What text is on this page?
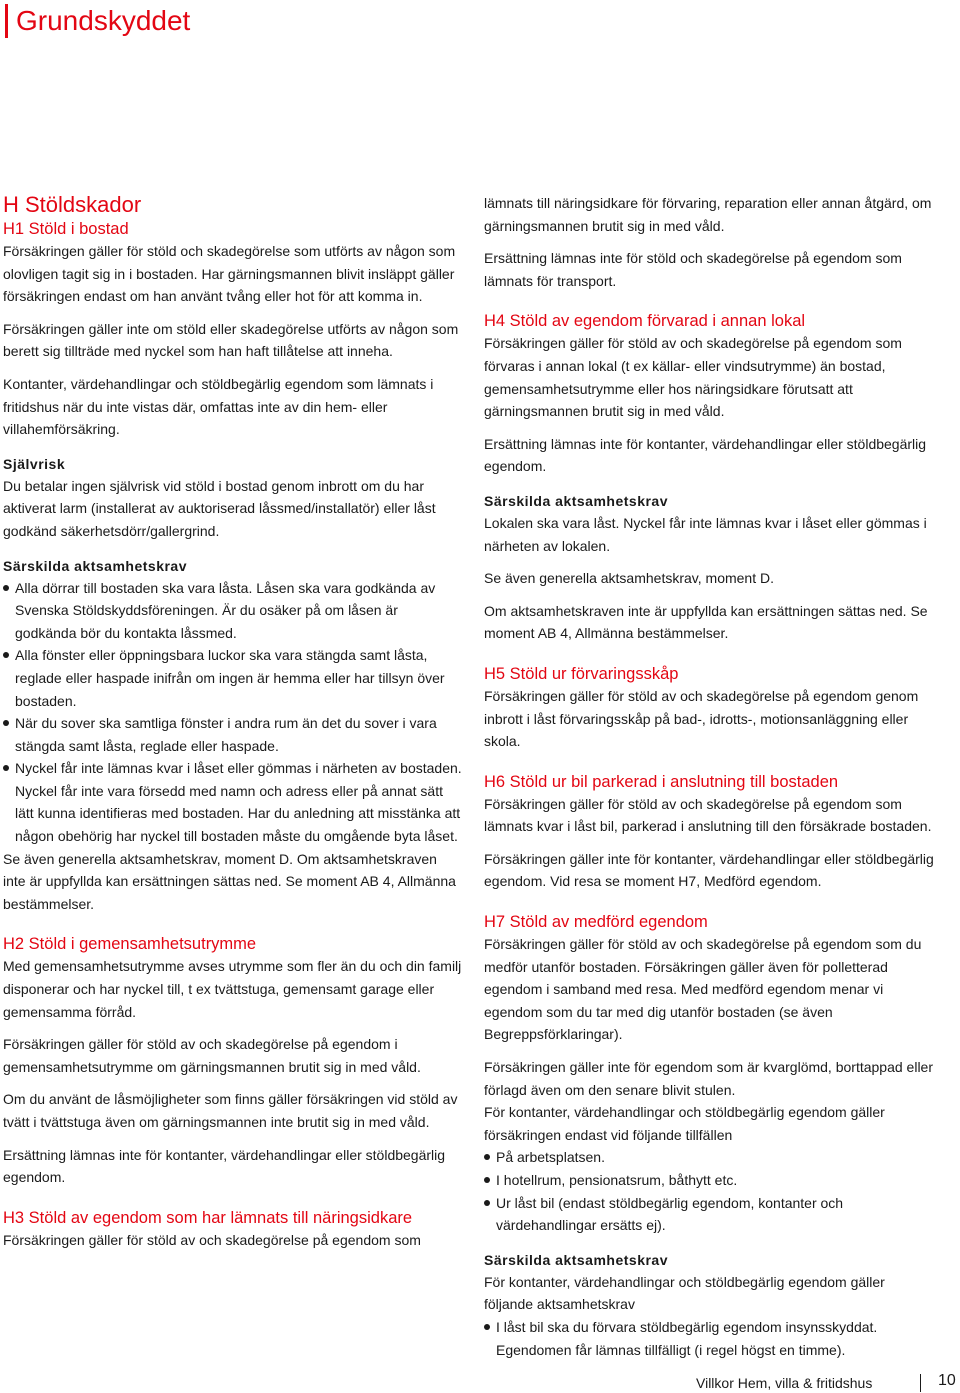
Grundskyddet
H Stöldskador
H1 Stöld i bostad

Försäkringen gäller för stöld och skadegörelse som utförts av någon som olovligen tagit sig in i bostaden. Har gärningsmannen blivit insläppt gäller försäkringen endast om han använt tvång eller hot för att komma in.

Försäkringen gäller inte om stöld eller skadegörelse utförts av någon som berett sig tillträde med nyckel som han haft tillåtelse att inneha.

Kontanter, värdehandlingar och stöldbegärlig egendom som lämnats i fritidshus när du inte vistas där, omfattas inte av din hem- eller villahemförsäkring.

Självrisk

Du betalar ingen självrisk vid stöld i bostad genom inbrott om du har aktiverat larm (installerat av auktoriserad låssmed/installatör) eller låst godkänd säkerhetsdörr/gallergrind.

Särskilda aktsamhetskrav
Alla dörrar till bostaden ska vara låsta. Låsen ska vara godkända av Svenska Stöldskyddsföreningen. Är du osäker på om låsen är godkända bör du kontakta låssmed.
Alla fönster eller öppningsbara luckor ska vara stängda samt låsta, reglade eller haspade inifrån om ingen är hemma eller har tillsyn över bostaden.
När du sover ska samtliga fönster i andra rum än det du sover i vara stängda samt låsta, reglade eller haspade.
Nyckel får inte lämnas kvar i låset eller gömmas i närheten av bostaden. Nyckel får inte vara försedd med namn och adress eller på annat sätt lätt kunna identifieras med bostaden. Har du anledning att misstänka att någon obehörig har nyckel till bostaden måste du omgående byta låset.

Se även generella aktsamhetskrav, moment D. Om aktsamhetskraven inte är uppfyllda kan ersättningen sättas ned. Se moment AB 4, Allmänna bestämmelser.

H2 Stöld i gemensamhetsutrymme

Med gemensamhetsutrymme avses utrymme som fler än du och din familj disponerar och har nyckel till, t ex tvättstuga, gemensamt garage eller gemensamma förråd.

Försäkringen gäller för stöld av och skadegörelse på egendom i gemensamhetsutrymme om gärningsmannen brutit sig in med våld.

Om du använt de låsmöjligheter som finns gäller försäkringen vid stöld av tvätt i tvättstuga även om gärningsmannen inte brutit sig in med våld.

Ersättning lämnas inte för kontanter, värdehandlingar eller stöldbegärlig egendom.

H3 Stöld av egendom som har lämnats till näringsidkare

Försäkringen gäller för stöld av och skadegörelse på egendom som

lämnats till näringsidkare för förvaring, reparation eller annan åtgärd, om gärningsmannen brutit sig in med våld.

Ersättning lämnas inte för stöld och skadegörelse på egendom som lämnats för transport.

H4 Stöld av egendom förvarad i annan lokal

Försäkringen gäller för stöld av och skadegörelse på egendom som förvaras i annan lokal (t ex källar- eller vindsutrymme) än bostad, gemensamhetsutrymme eller hos näringsidkare förutsatt att gärningsmannen brutit sig in med våld.

Ersättning lämnas inte för kontanter, värdehandlingar eller stöldbegärlig egendom.

Särskilda aktsamhetskrav

Lokalen ska vara låst. Nyckel får inte lämnas kvar i låset eller gömmas i närheten av lokalen.

Se även generella aktsamhetskrav, moment D.

Om aktsamhetskraven inte är uppfyllda kan ersättningen sättas ned. Se moment AB 4, Allmänna bestämmelser.

H5 Stöld ur förvaringsskåp

Försäkringen gäller för stöld av och skadegörelse på egendom genom inbrott i låst förvaringsskåp på bad-, idrotts-, motionsanläggning eller skola.

H6 Stöld ur bil parkerad i anslutning till bostaden

Försäkringen gäller för stöld av och skadegörelse på egendom som lämnats kvar i låst bil, parkerad i anslutning till den försäkrade bostaden.

Försäkringen gäller inte för kontanter, värdehandlingar eller stöldbegärlig egendom. Vid resa se moment H7, Medförd egendom.

H7 Stöld av medförd egendom

Försäkringen gäller för stöld av och skadegörelse på egendom som du medför utanför bostaden. Försäkringen gäller även för polletterad egendom i samband med resa. Med medförd egendom menar vi egendom som du tar med dig utanför bostaden (se även Begreppsförklaringar).

Försäkringen gäller inte för egendom som är kvarglömd, borttappad eller förlagd även om den senare blivit stulen.

För kontanter, värdehandlingar och stöldbegärlig egendom gäller försäkringen endast vid följande tillfällen

På arbetsplatsen.
I hotellrum, pensionatsrum, båthytt etc.
Ur låst bil (endast stöldbegärlig egendom, kontanter och värdehandlingar ersätts ej).
Särskilda aktsamhetskrav

För kontanter, värdehandlingar och stöldbegärlig egendom gäller följande aktsamhetskrav

I låst bil ska du förvara stöldbegärlig egendom insynsskyddat. Egendomen får lämnas tillfälligt (i regel högst en timme).
Villkor Hem, villa & fritidshus	10
